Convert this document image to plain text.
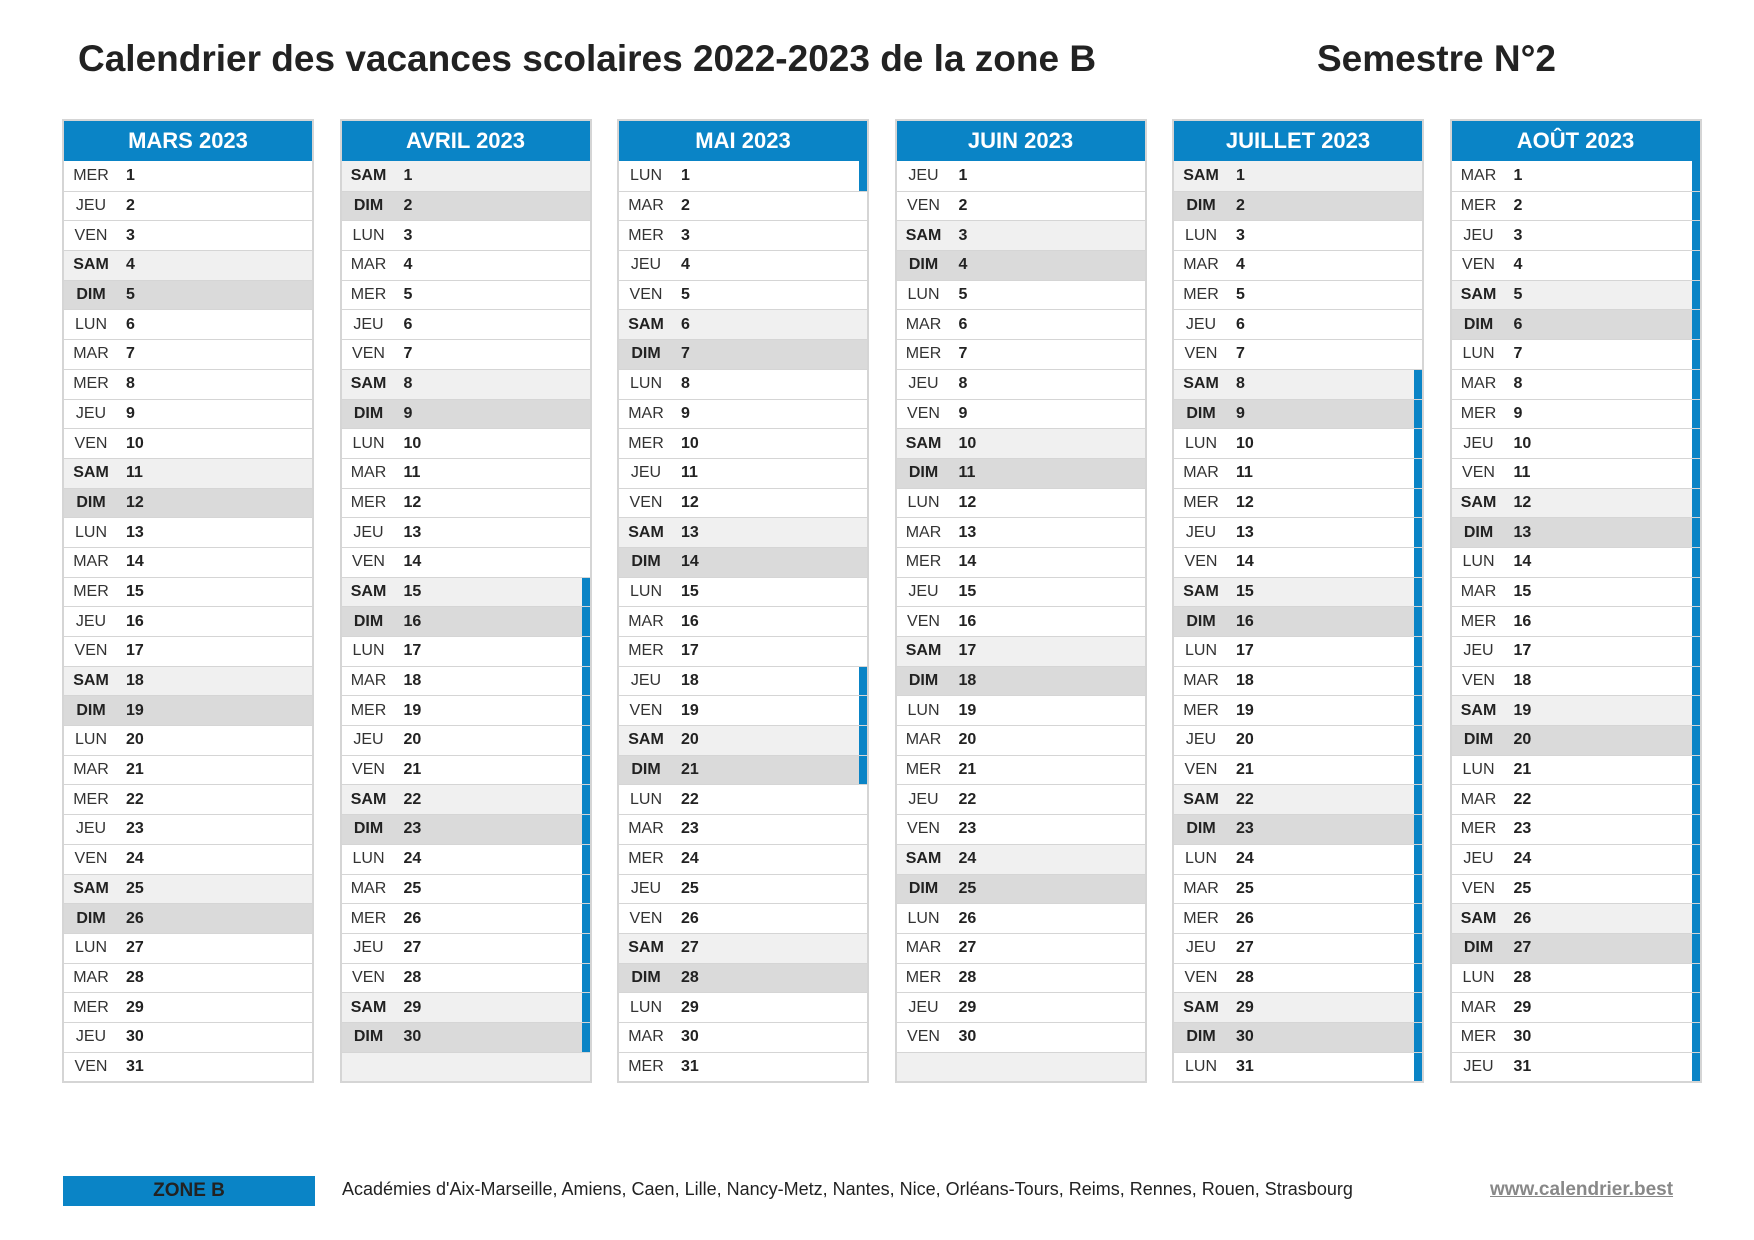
Calendrier des vacances scolaires 2022-2023 de la zone B	Semestre N°2
MARS 2023
MER	1
JEU	2
VEN	3
SAM	4
DIM	5
LUN	6
MAR	7
MER	8
JEU	9
VEN	10
SAM	11
DIM	12
LUN	13
MAR	14
MER	15
JEU	16
VEN	17
SAM	18
DIM	19
LUN	20
MAR	21
MER	22
JEU	23
VEN	24
SAM	25
DIM	26
LUN	27
MAR	28
MER	29
JEU	30
VEN	31
AVRIL 2023
SAM	1
DIM	2
LUN	3
MAR	4
MER	5
JEU	6
VEN	7
SAM	8
DIM	9
LUN	10
MAR	11
MER	12
JEU	13
VEN	14
SAM	15
DIM	16
LUN	17
MAR	18
MER	19
JEU	20
VEN	21
SAM	22
DIM	23
LUN	24
MAR	25
MER	26
JEU	27
VEN	28
SAM	29
DIM	30
MAI 2023
LUN	1
MAR	2
MER	3
JEU	4
VEN	5
SAM	6
DIM	7
LUN	8
MAR	9
MER	10
JEU	11
VEN	12
SAM	13
DIM	14
LUN	15
MAR	16
MER	17
JEU	18
VEN	19
SAM	20
DIM	21
LUN	22
MAR	23
MER	24
JEU	25
VEN	26
SAM	27
DIM	28
LUN	29
MAR	30
MER	31
JUIN 2023
JEU	1
VEN	2
SAM	3
DIM	4
LUN	5
MAR	6
MER	7
JEU	8
VEN	9
SAM	10
DIM	11
LUN	12
MAR	13
MER	14
JEU	15
VEN	16
SAM	17
DIM	18
LUN	19
MAR	20
MER	21
JEU	22
VEN	23
SAM	24
DIM	25
LUN	26
MAR	27
MER	28
JEU	29
VEN	30
JUILLET 2023
SAM	1
DIM	2
LUN	3
MAR	4
MER	5
JEU	6
VEN	7
SAM	8
DIM	9
LUN	10
MAR	11
MER	12
JEU	13
VEN	14
SAM	15
DIM	16
LUN	17
MAR	18
MER	19
JEU	20
VEN	21
SAM	22
DIM	23
LUN	24
MAR	25
MER	26
JEU	27
VEN	28
SAM	29
DIM	30
LUN	31
AOÛT 2023
MAR	1
MER	2
JEU	3
VEN	4
SAM	5
DIM	6
LUN	7
MAR	8
MER	9
JEU	10
VEN	11
SAM	12
DIM	13
LUN	14
MAR	15
MER	16
JEU	17
VEN	18
SAM	19
DIM	20
LUN	21
MAR	22
MER	23
JEU	24
VEN	25
SAM	26
DIM	27
LUN	28
MAR	29
MER	30
JEU	31
ZONE B	Académies d'Aix-Marseille, Amiens, Caen, Lille, Nancy-Metz, Nantes, Nice, Orléans-Tours, Reims, Rennes, Rouen, Strasbourg	www.calendrier.best
